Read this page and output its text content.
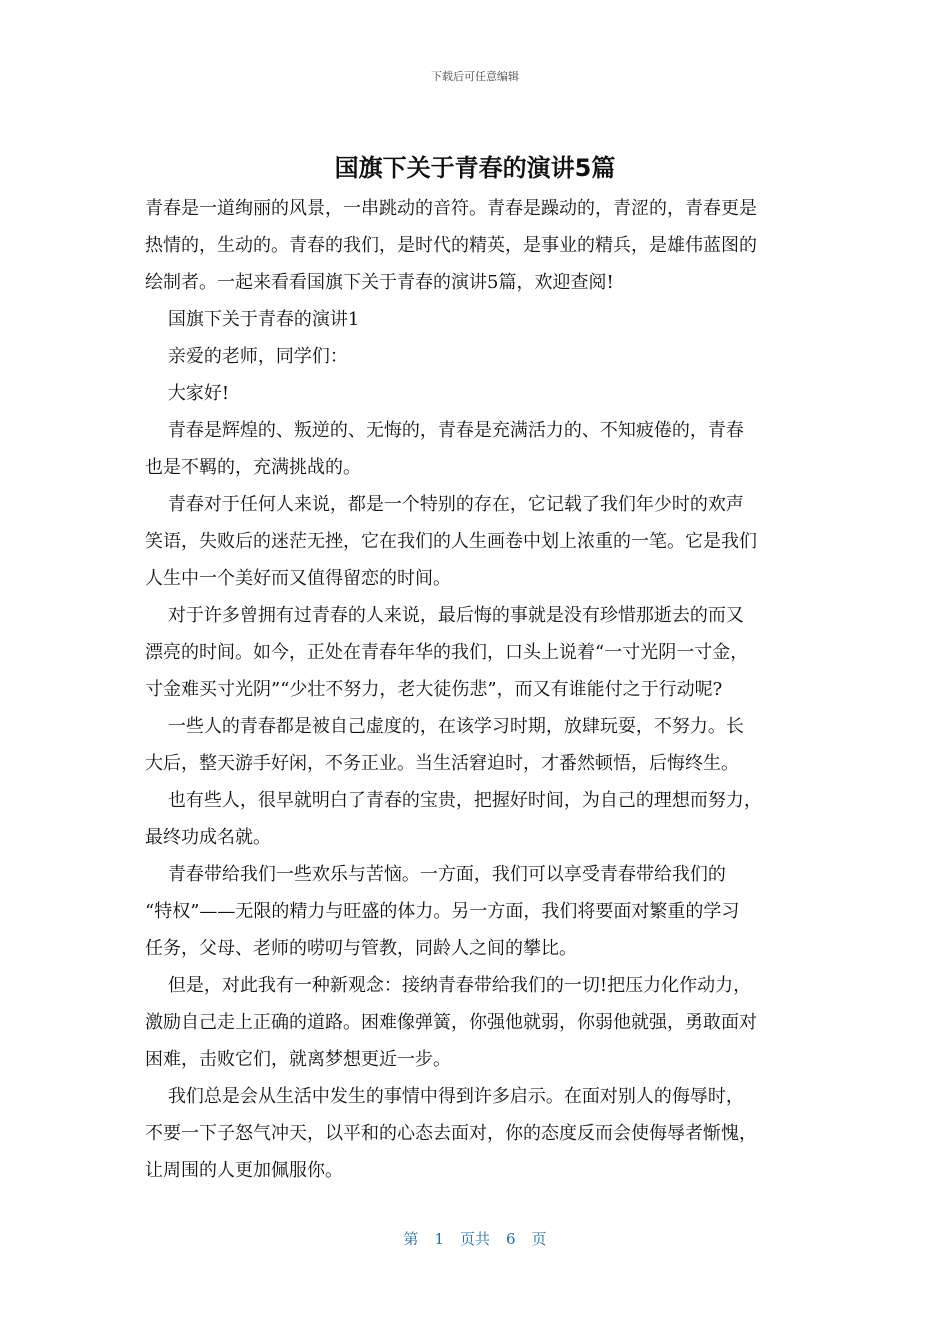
下载后可任意编辑
国旗下关于青春的演讲5篇

青春是一道绚丽的风景，一串跳动的音符。青春是躁动的，青涩的，青春更是
热情的，生动的。青春的我们，是时代的精英，是事业的精兵，是雄伟蓝图的
绘制者。一起来看看国旗下关于青春的演讲5篇，欢迎查阅!

国旗下关于青春的演讲1

亲爱的老师，同学们：

大家好!

青春是辉煌的、叛逆的、无悔的，青春是充满活力的、不知疲倦的，青春
也是不羁的，充满挑战的。

青春对于任何人来说，都是一个特别的存在，它记载了我们年少时的欢声
笑语，失败后的迷茫无挫，它在我们的人生画卷中划上浓重的一笔。它是我们
人生中一个美好而又值得留恋的时间。

对于许多曾拥有过青春的人来说，最后悔的事就是没有珍惜那逝去的而又
漂亮的时间。如今，正处在青春年华的我们，口头上说着“一寸光阴一寸金，
寸金难买寸光阴”“少壮不努力，老大徒伤悲”，而又有谁能付之于行动呢?

一些人的青春都是被自己虚度的，在该学习时期，放肆玩耍，不努力。长
大后，整天游手好闲，不务正业。当生活窘迫时，才番然顿悟，后悔终生。

也有些人，很早就明白了青春的宝贵，把握好时间，为自己的理想而努力，
最终功成名就。

青春带给我们一些欢乐与苦恼。一方面，我们可以享受青春带给我们的
“特权”——无限的精力与旺盛的体力。另一方面，我们将要面对繁重的学习
任务，父母、老师的唠叨与管教，同龄人之间的攀比。

但是，对此我有一种新观念：接纳青春带给我们的一切!把压力化作动力，
激励自己走上正确的道路。困难像弹簧，你强他就弱，你弱他就强，勇敢面对
困难，击败它们，就离梦想更近一步。

我们总是会从生活中发生的事情中得到许多启示。在面对别人的侮辱时，
不要一下子怒气冲天，以平和的心态去面对，你的态度反而会使侮辱者惭愧，
让周围的人更加佩服你。

第 1 页共 6 页
